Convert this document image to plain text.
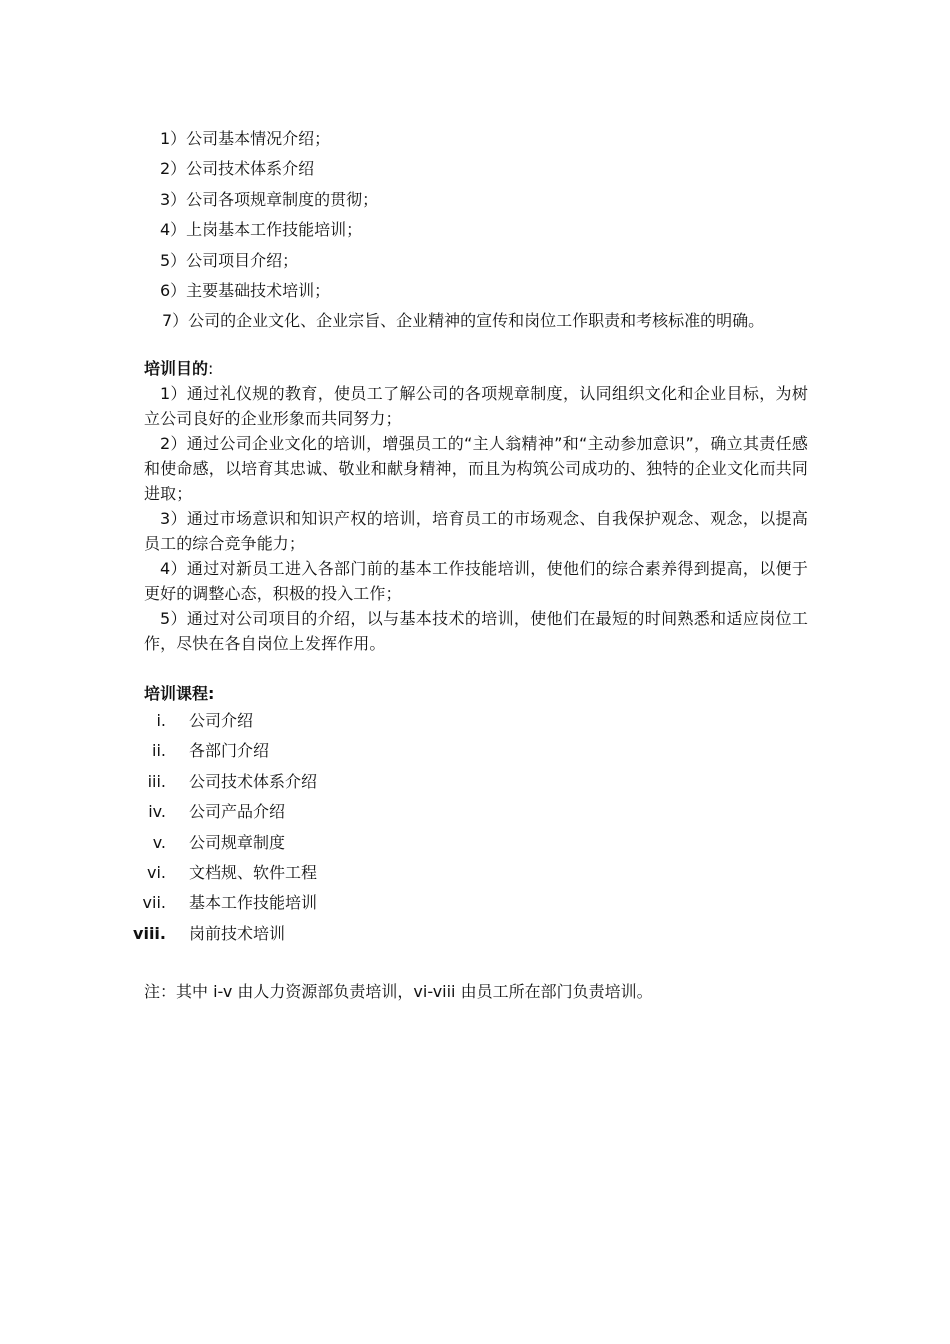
1）公司基本情况介绍；
2）公司技术体系介绍
3）公司各项规章制度的贯彻；
4）上岗基本工作技能培训；
5）公司项目介绍；
6）主要基础技术培训；
7）公司的企业文化、企业宗旨、企业精神的宣传和岗位工作职责和考核标准的明确。
培训目的:
1）通过礼仪规的教育，使员工了解公司的各项规章制度，认同组织文化和企业目标，为树立公司良好的企业形象而共同努力；
2）通过公司企业文化的培训，增强员工的“主人翁精神”和“主动参加意识”，确立其责任感和使命感，以培育其忠诚、敬业和献身精神，而且为构筑公司成功的、独特的企业文化而共同进取；
3）通过市场意识和知识产权的培训，培育员工的市场观念、自我保护观念、观念，以提高员工的综合竞争能力；
4）通过对新员工进入各部门前的基本工作技能培训，使他们的综合素养得到提高，以便于更好的调整心态，积极的投入工作；
5）通过对公司项目的介绍，以与基本技术的培训，使他们在最短的时间熟悉和适应岗位工作，尽快在各自岗位上发挥作用。
培训课程:
i. 公司介绍
ii. 各部门介绍
iii. 公司技术体系介绍
iv. 公司产品介绍
v. 公司规章制度
vi. 文档规、软件工程
vii. 基本工作技能培训
viii. 岗前技术培训
注：其中 i-v 由人力资源部负责培训，vi-viii 由员工所在部门负责培训。
